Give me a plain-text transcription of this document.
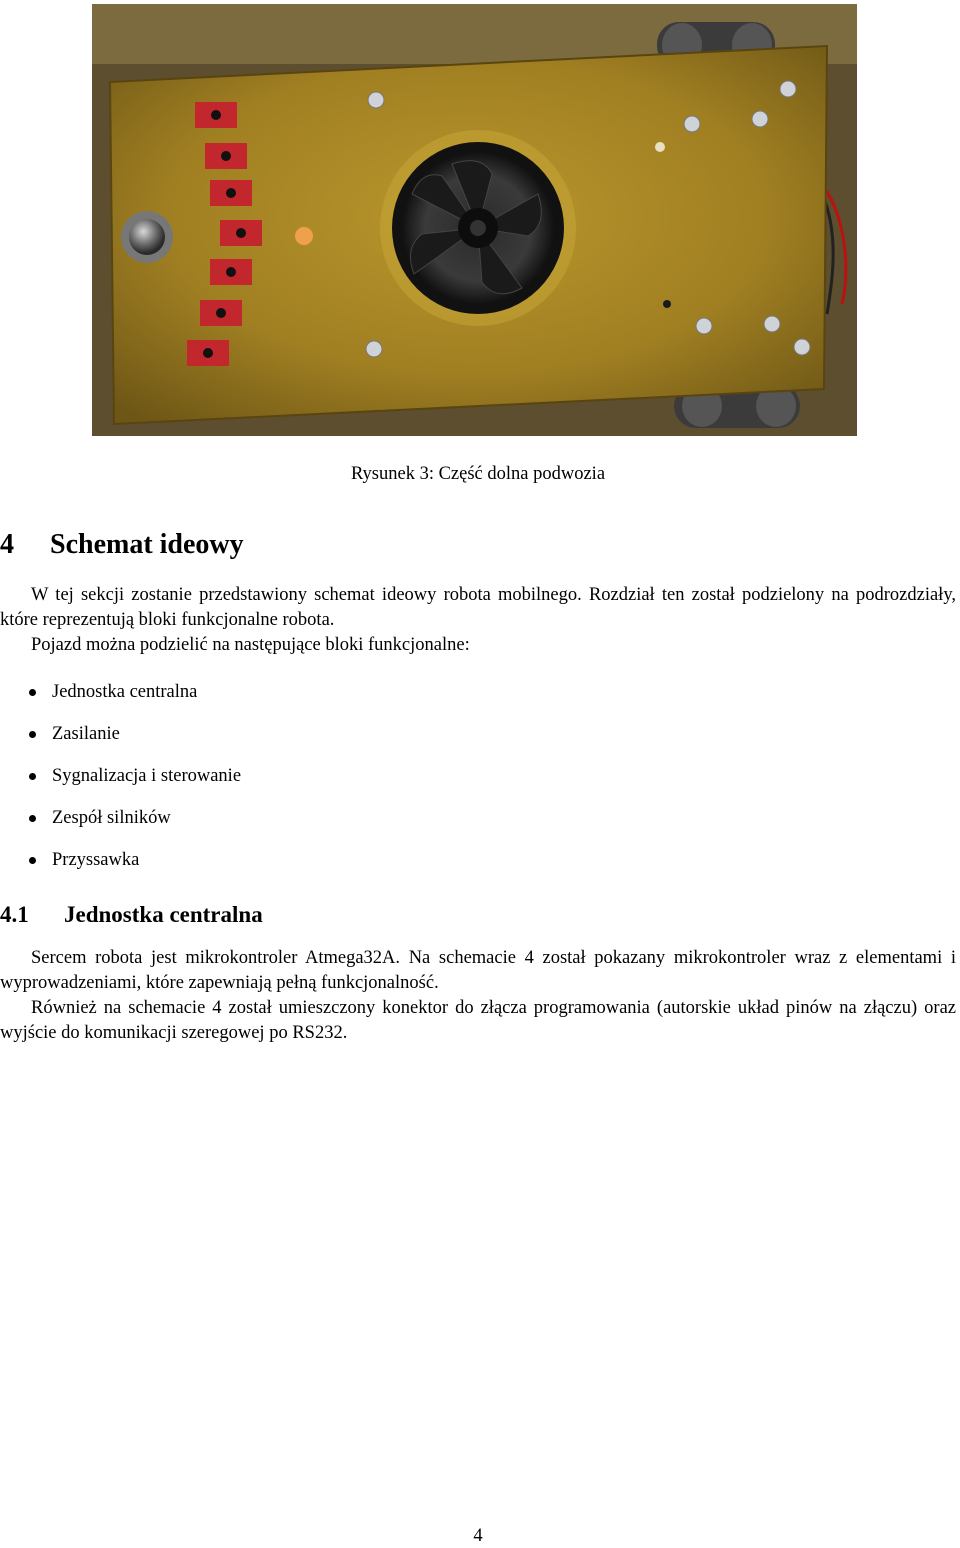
Rysunek 3: Część dolna podwozia
4 Schemat ideowy
W tej sekcji zostanie przedstawiony schemat ideowy robota mobilnego. Rozdział ten został podzielony na podrozdziały, które reprezentują bloki funkcjonalne robota.
Pojazd można podzielić na następujące bloki funkcjonalne:
Jednostka centralna
Zasilanie
Sygnalizacja i sterowanie
Zespół silników
Przyssawka
4.1 Jednostka centralna
Sercem robota jest mikrokontroler Atmega32A. Na schemacie 4 został pokazany mikrokontroler wraz z elementami i wyprowadzeniami, które zapewniają pełną funkcjonalność.
Również na schemacie 4 został umieszczony konektor do złącza programowania (autorskie układ pinów na złączu) oraz wyjście do komunikacji szeregowej po RS232.
4
